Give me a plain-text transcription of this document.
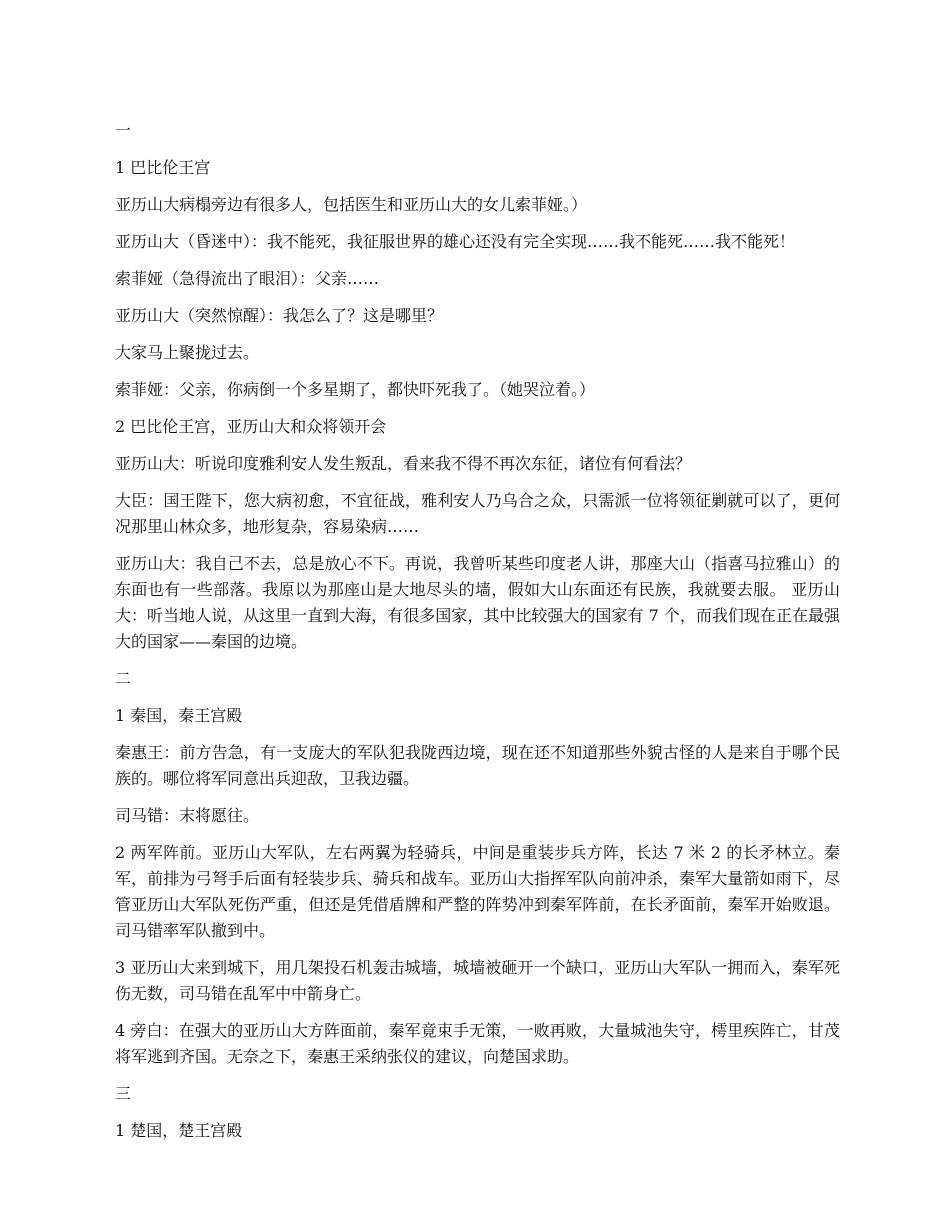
一

1 巴比伦王宫

亚历山大病榻旁边有很多人，包括医生和亚历山大的女儿索菲娅。）

亚历山大（昏迷中）：我不能死，我征服世界的雄心还没有完全实现……我不能死……我不能死！

索菲娅（急得流出了眼泪）：父亲……

亚历山大（突然惊醒）：我怎么了？这是哪里？

大家马上聚拢过去。

索菲娅：父亲，你病倒一个多星期了，都快吓死我了。（她哭泣着。）

2 巴比伦王宫，亚历山大和众将领开会

亚历山大：听说印度雅利安人发生叛乱，看来我不得不再次东征，诸位有何看法？

大臣：国王陛下，您大病初愈，不宜征战，雅利安人乃乌合之众，只需派一位将领征剿就可以了，更何况那里山林众多，地形复杂，容易染病……

亚历山大：我自己不去，总是放心不下。再说，我曾听某些印度老人讲，那座大山（指喜马拉雅山）的东面也有一些部落。我原以为那座山是大地尽头的墙，假如大山东面还有民族，我就要去服。 亚历山大：听当地人说，从这里一直到大海，有很多国家，其中比较强大的国家有 7 个，而我们现在正在最强大的国家——秦国的边境。

二

1 秦国，秦王宫殿

秦惠王：前方告急，有一支庞大的军队犯我陇西边境，现在还不知道那些外貌古怪的人是来自于哪个民族的。哪位将军同意出兵迎敌，卫我边疆。

司马错：末将愿往。

2 两军阵前。亚历山大军队，左右两翼为轻骑兵，中间是重装步兵方阵，长达 7 米 2 的长矛林立。秦军，前排为弓弩手后面有轻装步兵、骑兵和战车。亚历山大指挥军队向前冲杀，秦军大量箭如雨下，尽管亚历山大军队死伤严重，但还是凭借盾牌和严整的阵势冲到秦军阵前，在长矛面前，秦军开始败退。司马错率军队撤到中。

3 亚历山大来到城下，用几架投石机轰击城墙，城墙被砸开一个缺口，亚历山大军队一拥而入，秦军死伤无数，司马错在乱军中中箭身亡。

4 旁白：在强大的亚历山大方阵面前，秦军竟束手无策，一败再败，大量城池失守，樗里疾阵亡，甘茂将军逃到齐国。无奈之下，秦惠王采纳张仪的建议，向楚国求助。

三

1 楚国，楚王宫殿
